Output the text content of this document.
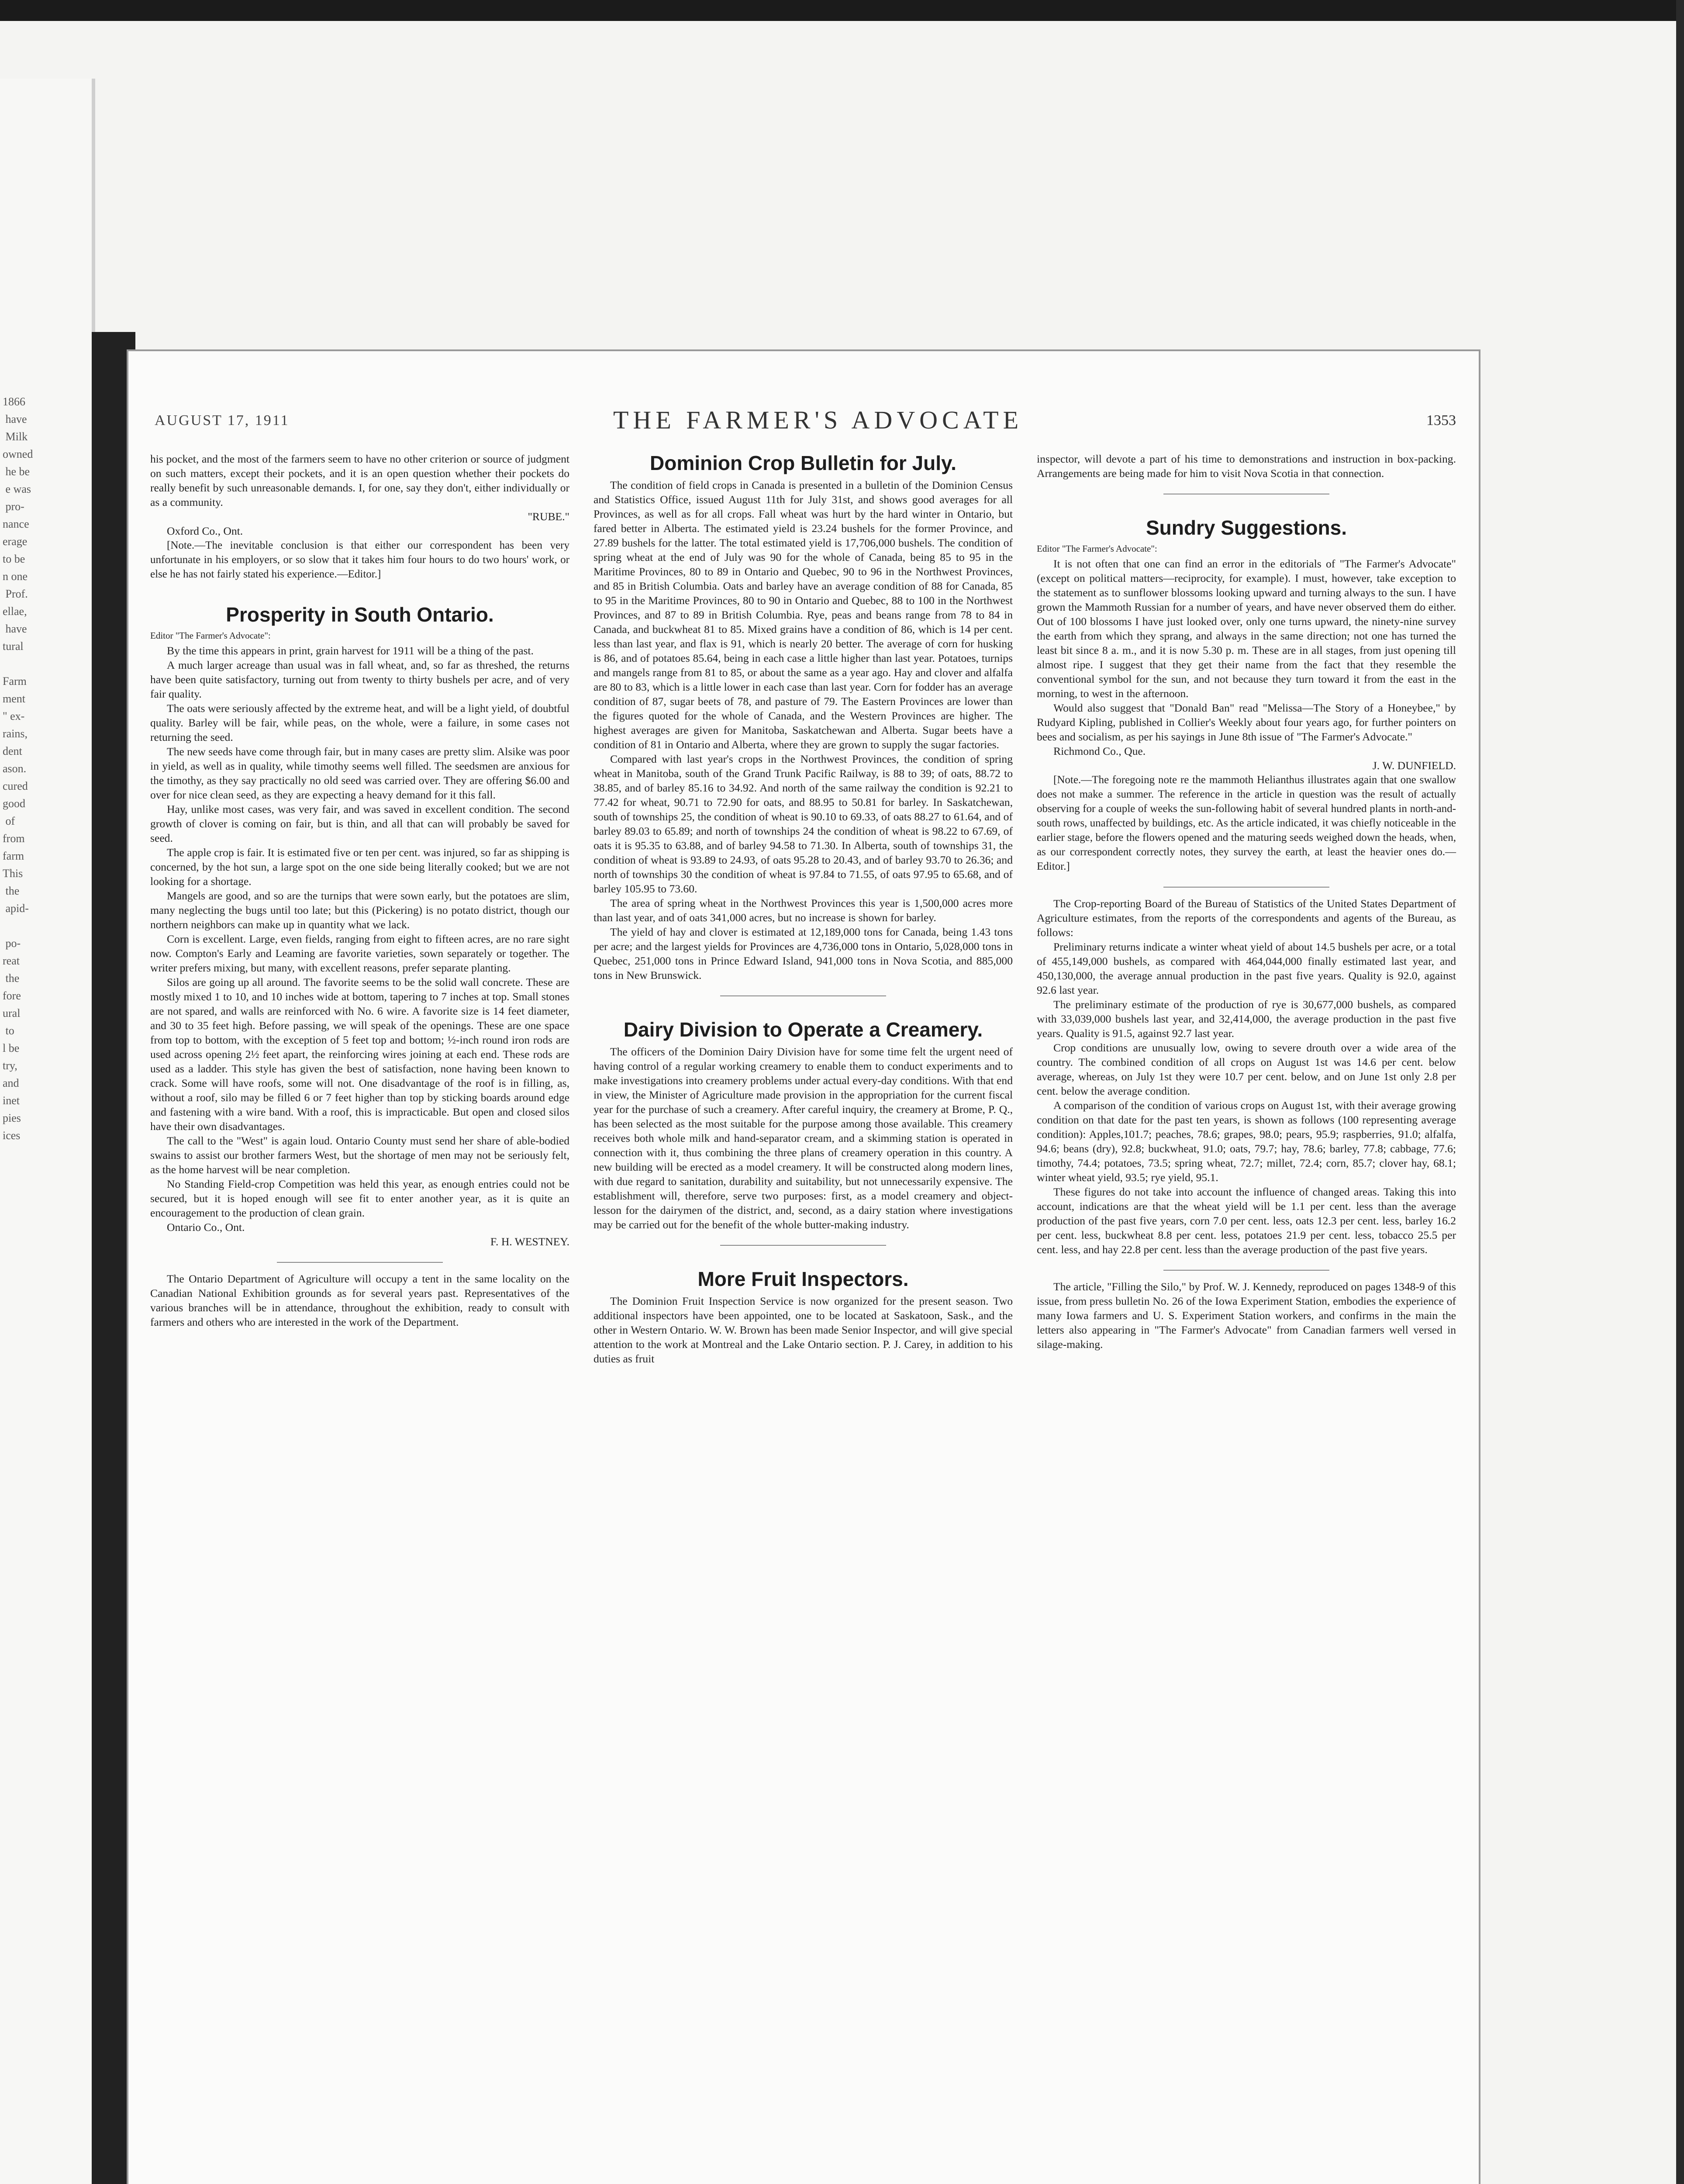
1866
have
Milk
owned
he be
e was
pro-
nance
erage
to be
n one
Prof.
ellae,
have
tural

Farm
ment
" ex-
rains,
dent
ason.
cured
good
of
from
farm
This
the
apid-

po-
reat
the
fore
ural
to
l be
try,
and
inet
pies
ices
AUGUST 17, 1911	THE FARMER'S ADVOCATE	1353

his pocket, and the most of the farmers seem to have no other criterion or source of judgment on such matters, except their pockets, and it is an open question whether their pockets do really benefit by such unreasonable demands. I, for one, say they don't, either individually or as a community.

"RUBE."

Oxford Co., Ont.

[Note.—The inevitable conclusion is that either our correspondent has been very unfortunate in his employers, or so slow that it takes him four hours to do two hours' work, or else he has not fairly stated his experience.—Editor.]

Prosperity in South Ontario.

Editor "The Farmer's Advocate":

By the time this appears in print, grain harvest for 1911 will be a thing of the past.

A much larger acreage than usual was in fall wheat, and, so far as threshed, the returns have been quite satisfactory, turning out from twenty to thirty bushels per acre, and of very fair quality.

The oats were seriously affected by the extreme heat, and will be a light yield, of doubtful quality. Barley will be fair, while peas, on the whole, were a failure, in some cases not returning the seed.

The new seeds have come through fair, but in many cases are pretty slim. Alsike was poor in yield, as well as in quality, while timothy seems well filled. The seedsmen are anxious for the timothy, as they say practically no old seed was carried over. They are offering $6.00 and over for nice clean seed, as they are expecting a heavy demand for it this fall.

Hay, unlike most cases, was very fair, and was saved in excellent condition. The second growth of clover is coming on fair, but is thin, and all that can will probably be saved for seed.

The apple crop is fair. It is estimated five or ten per cent. was injured, so far as shipping is concerned, by the hot sun, a large spot on the one side being literally cooked; but we are not looking for a shortage.

Mangels are good, and so are the turnips that were sown early, but the potatoes are slim, many neglecting the bugs until too late; but this (Pickering) is no potato district, though our northern neighbors can make up in quantity what we lack.

Corn is excellent. Large, even fields, ranging from eight to fifteen acres, are no rare sight now. Compton's Early and Leaming are favorite varieties, sown separately or together. The writer prefers mixing, but many, with excellent reasons, prefer separate planting.

Silos are going up all around. The favorite seems to be the solid wall concrete. These are mostly mixed 1 to 10, and 10 inches wide at bottom, tapering to 7 inches at top. Small stones are not spared, and walls are reinforced with No. 6 wire. A favorite size is 14 feet diameter, and 30 to 35 feet high. Before passing, we will speak of the openings. These are one space from top to bottom, with the exception of 5 feet top and bottom; ½-inch round iron rods are used across opening 2½ feet apart, the reinforcing wires joining at each end. These rods are used as a ladder. This style has given the best of satisfaction, none having been known to crack. Some will have roofs, some will not. One disadvantage of the roof is in filling, as, without a roof, silo may be filled 6 or 7 feet higher than top by sticking boards around edge and fastening with a wire band. With a roof, this is impracticable. But open and closed silos have their own disadvantages.

The call to the "West" is again loud. Ontario County must send her share of able-bodied swains to assist our brother farmers West, but the shortage of men may not be seriously felt, as the home harvest will be near completion.

No Standing Field-crop Competition was held this year, as enough entries could not be secured, but it is hoped enough will see fit to enter another year, as it is quite an encouragement to the production of clean grain.

Ontario Co., Ont.

F. H. WESTNEY.

The Ontario Department of Agriculture will occupy a tent in the same locality on the Canadian National Exhibition grounds as for several years past. Representatives of the various branches will be in attendance, throughout the exhibition, ready to consult with farmers and others who are interested in the work of the Department.

Dominion Crop Bulletin for July.

The condition of field crops in Canada is presented in a bulletin of the Dominion Census and Statistics Office, issued August 11th for July 31st, and shows good averages for all Provinces, as well as for all crops. Fall wheat was hurt by the hard winter in Ontario, but fared better in Alberta. The estimated yield is 23.24 bushels for the former Province, and 27.89 bushels for the latter. The total estimated yield is 17,706,000 bushels. The condition of spring wheat at the end of July was 90 for the whole of Canada, being 85 to 95 in the Maritime Provinces, 80 to 89 in Ontario and Quebec, 90 to 96 in the Northwest Provinces, and 85 in British Columbia. Oats and barley have an average condition of 88 for Canada, 85 to 95 in the Maritime Provinces, 80 to 90 in Ontario and Quebec, 88 to 100 in the Northwest Provinces, and 87 to 89 in British Columbia. Rye, peas and beans range from 78 to 84 in Canada, and buckwheat 81 to 85. Mixed grains have a condition of 86, which is 14 per cent. less than last year, and flax is 91, which is nearly 20 better. The average of corn for husking is 86, and of potatoes 85.64, being in each case a little higher than last year. Potatoes, turnips and mangels range from 81 to 85, or about the same as a year ago. Hay and clover and alfalfa are 80 to 83, which is a little lower in each case than last year. Corn for fodder has an average condition of 87, sugar beets of 78, and pasture of 79. The Eastern Provinces are lower than the figures quoted for the whole of Canada, and the Western Provinces are higher. The highest averages are given for Manitoba, Saskatchewan and Alberta. Sugar beets have a condition of 81 in Ontario and Alberta, where they are grown to supply the sugar factories.

Compared with last year's crops in the Northwest Provinces, the condition of spring wheat in Manitoba, south of the Grand Trunk Pacific Railway, is 88 to 39; of oats, 88.72 to 38.85, and of barley 85.16 to 34.92. And north of the same railway the condition is 92.21 to 77.42 for wheat, 90.71 to 72.90 for oats, and 88.95 to 50.81 for barley. In Saskatchewan, south of townships 25, the condition of wheat is 90.10 to 69.33, of oats 88.27 to 61.64, and of barley 89.03 to 65.89; and north of townships 24 the condition of wheat is 98.22 to 67.69, of oats it is 95.35 to 63.88, and of barley 94.58 to 71.30. In Alberta, south of townships 31, the condition of wheat is 93.89 to 24.93, of oats 95.28 to 20.43, and of barley 93.70 to 26.36; and north of townships 30 the condition of wheat is 97.84 to 71.55, of oats 97.95 to 65.68, and of barley 105.95 to 73.60.

The area of spring wheat in the Northwest Provinces this year is 1,500,000 acres more than last year, and of oats 341,000 acres, but no increase is shown for barley.

The yield of hay and clover is estimated at 12,189,000 tons for Canada, being 1.43 tons per acre; and the largest yields for Provinces are 4,736,000 tons in Ontario, 5,028,000 tons in Quebec, 251,000 tons in Prince Edward Island, 941,000 tons in Nova Scotia, and 885,000 tons in New Brunswick.

Dairy Division to Operate a Creamery.

The officers of the Dominion Dairy Division have for some time felt the urgent need of having control of a regular working creamery to enable them to conduct experiments and to make investigations into creamery problems under actual every-day conditions. With that end in view, the Minister of Agriculture made provision in the appropriation for the current fiscal year for the purchase of such a creamery. After careful inquiry, the creamery at Brome, P. Q., has been selected as the most suitable for the purpose among those available. This creamery receives both whole milk and hand-separator cream, and a skimming station is operated in connection with it, thus combining the three plans of creamery operation in this country. A new building will be erected as a model creamery. It will be constructed along modern lines, with due regard to sanitation, durability and suitability, but not unnecessarily expensive. The establishment will, therefore, serve two purposes: first, as a model creamery and object-lesson for the dairymen of the district, and, second, as a dairy station where investigations may be carried out for the benefit of the whole butter-making industry.

More Fruit Inspectors.

The Dominion Fruit Inspection Service is now organized for the present season. Two additional inspectors have been appointed, one to be located at Saskatoon, Sask., and the other in Western Ontario. W. W. Brown has been made Senior Inspector, and will give special attention to the work at Montreal and the Lake Ontario section. P. J. Carey, in addition to his duties as fruit

inspector, will devote a part of his time to demonstrations and instruction in box-packing. Arrangements are being made for him to visit Nova Scotia in that connection.

Sundry Suggestions.

Editor "The Farmer's Advocate":

It is not often that one can find an error in the editorials of "The Farmer's Advocate" (except on political matters—reciprocity, for example). I must, however, take exception to the statement as to sunflower blossoms looking upward and turning always to the sun. I have grown the Mammoth Russian for a number of years, and have never observed them do either. Out of 100 blossoms I have just looked over, only one turns upward, the ninety-nine survey the earth from which they sprang, and always in the same direction; not one has turned the least bit since 8 a. m., and it is now 5.30 p. m. These are in all stages, from just opening till almost ripe. I suggest that they get their name from the fact that they resemble the conventional symbol for the sun, and not because they turn toward it from the east in the morning, to west in the afternoon.

Would also suggest that "Donald Ban" read "Melissa—The Story of a Honeybee," by Rudyard Kipling, published in Collier's Weekly about four years ago, for further pointers on bees and socialism, as per his sayings in June 8th issue of "The Farmer's Advocate."

Richmond Co., Que.

J. W. DUNFIELD.

[Note.—The foregoing note re the mammoth Helianthus illustrates again that one swallow does not make a summer. The reference in the article in question was the result of actually observing for a couple of weeks the sun-following habit of several hundred plants in north-and-south rows, unaffected by buildings, etc. As the article indicated, it was chiefly noticeable in the earlier stage, before the flowers opened and the maturing seeds weighed down the heads, when, as our correspondent correctly notes, they survey the earth, at least the heavier ones do.—Editor.]

The Crop-reporting Board of the Bureau of Statistics of the United States Department of Agriculture estimates, from the reports of the correspondents and agents of the Bureau, as follows:

Preliminary returns indicate a winter wheat yield of about 14.5 bushels per acre, or a total of 455,149,000 bushels, as compared with 464,044,000 finally estimated last year, and 450,130,000, the average annual production in the past five years. Quality is 92.0, against 92.6 last year.

The preliminary estimate of the production of rye is 30,677,000 bushels, as compared with 33,039,000 bushels last year, and 32,414,000, the average production in the past five years. Quality is 91.5, against 92.7 last year.

Crop conditions are unusually low, owing to severe drouth over a wide area of the country. The combined condition of all crops on August 1st was 14.6 per cent. below average, whereas, on July 1st they were 10.7 per cent. below, and on June 1st only 2.8 per cent. below the average condition.

A comparison of the condition of various crops on August 1st, with their average growing condition on that date for the past ten years, is shown as follows (100 representing average condition): Apples,101.7; peaches, 78.6; grapes, 98.0; pears, 95.9; raspberries, 91.0; alfalfa, 94.6; beans (dry), 92.8; buckwheat, 91.0; oats, 79.7; hay, 78.6; barley, 77.8; cabbage, 77.6; timothy, 74.4; potatoes, 73.5; spring wheat, 72.7; millet, 72.4; corn, 85.7; clover hay, 68.1; winter wheat yield, 93.5; rye yield, 95.1.

These figures do not take into account the influence of changed areas. Taking this into account, indications are that the wheat yield will be 1.1 per cent. less than the average production of the past five years, corn 7.0 per cent. less, oats 12.3 per cent. less, barley 16.2 per cent. less, buckwheat 8.8 per cent. less, potatoes 21.9 per cent. less, tobacco 25.5 per cent. less, and hay 22.8 per cent. less than the average production of the past five years.

The article, "Filling the Silo," by Prof. W. J. Kennedy, reproduced on pages 1348-9 of this issue, from press bulletin No. 26 of the Iowa Experiment Station, embodies the experience of many Iowa farmers and U. S. Experiment Station workers, and confirms in the main the letters also appearing in "The Farmer's Advocate" from Canadian farmers well versed in silage-making.
